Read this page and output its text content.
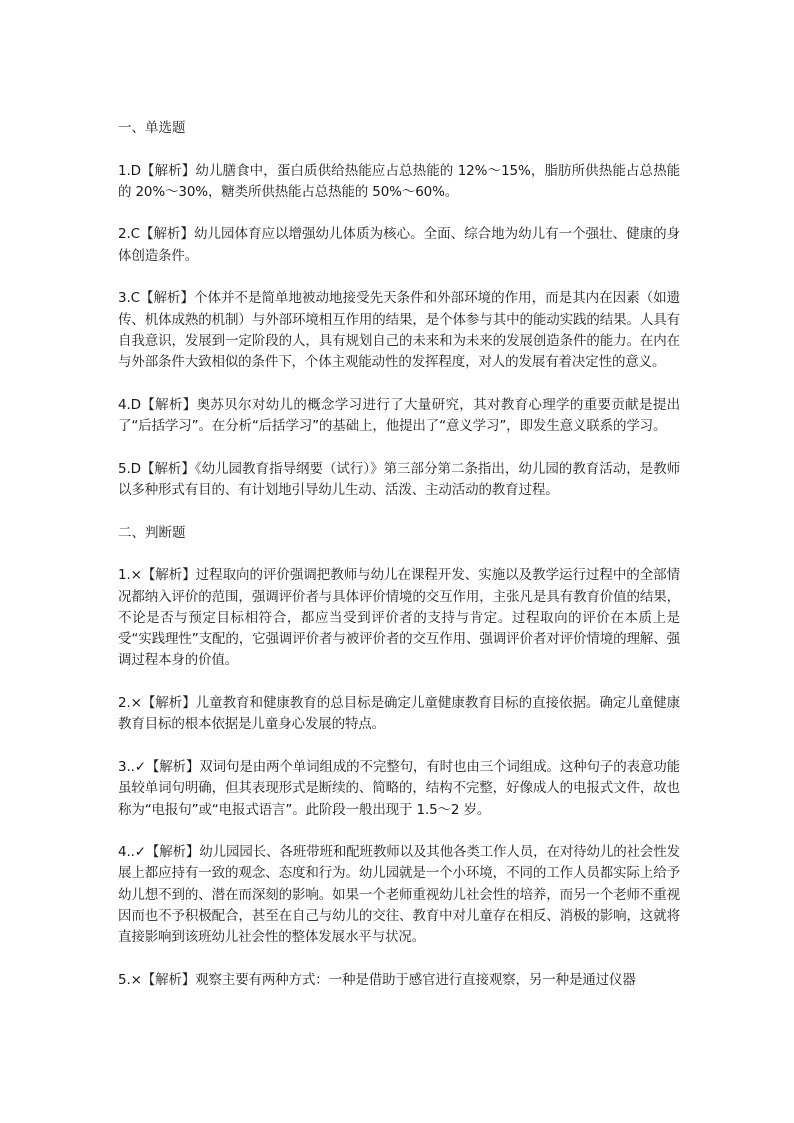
一、单选题

1.D【解析】幼儿膳食中，蛋白质供给热能应占总热能的 12%～15%，脂肪所供热能占总热能的 20%～30%，糖类所供热能占总热能的 50%～60%。

2.C【解析】幼儿园体育应以增强幼儿体质为核心。全面、综合地为幼儿有一个强壮、健康的身体创造条件。

3.C【解析】个体并不是简单地被动地接受先天条件和外部环境的作用，而是其内在因素（如遗传、机体成熟的机制）与外部环境相互作用的结果，是个体参与其中的能动实践的结果。人具有自我意识，发展到一定阶段的人，具有规划自己的未来和为未来的发展创造条件的能力。在内在与外部条件大致相似的条件下，个体主观能动性的发挥程度，对人的发展有着决定性的意义。

4.D【解析】奥苏贝尔对幼儿的概念学习进行了大量研究，其对教育心理学的重要贡献是提出了“后括学习”。在分析“后括学习”的基础上，他提出了“意义学习”，即发生意义联系的学习。

5.D【解析】《幼儿园教育指导纲要（试行）》第三部分第二条指出，幼儿园的教育活动，是教师以多种形式有目的、有计划地引导幼儿生动、活泼、主动活动的教育过程。

二、判断题

1.×【解析】过程取向的评价强调把教师与幼儿在课程开发、实施以及教学运行过程中的全部情况都纳入评价的范围，强调评价者与具体评价情境的交互作用，主张凡是具有教育价值的结果，不论是否与预定目标相符合，都应当受到评价者的支持与肯定。过程取向的评价在本质上是受“实践理性”支配的，它强调评价者与被评价者的交互作用、强调评价者对评价情境的理解、强调过程本身的价值。

2.×【解析】儿童教育和健康教育的总目标是确定儿童健康教育目标的直接依据。确定儿童健康教育目标的根本依据是儿童身心发展的特点。

3..✓【解析】双词句是由两个单词组成的不完整句，有时也由三个词组成。这种句子的表意功能虽较单词句明确，但其表现形式是断续的、简略的，结构不完整，好像成人的电报式文件，故也称为“电报句”或“电报式语言”。此阶段一般出现于 1.5～2 岁。

4..✓【解析】幼儿园园长、各班带班和配班教师以及其他各类工作人员，在对待幼儿的社会性发展上都应持有一致的观念、态度和行为。幼儿园就是一个小环境，不同的工作人员都实际上给予幼儿想不到的、潜在而深刻的影响。如果一个老师重视幼儿社会性的培养，而另一个老师不重视因而也不予积极配合，甚至在自己与幼儿的交往、教育中对儿童存在相反、消极的影响，这就将直接影响到该班幼儿社会性的整体发展水平与状况。

5.×【解析】观察主要有两种方式：一种是借助于感官进行直接观察，另一种是通过仪器
